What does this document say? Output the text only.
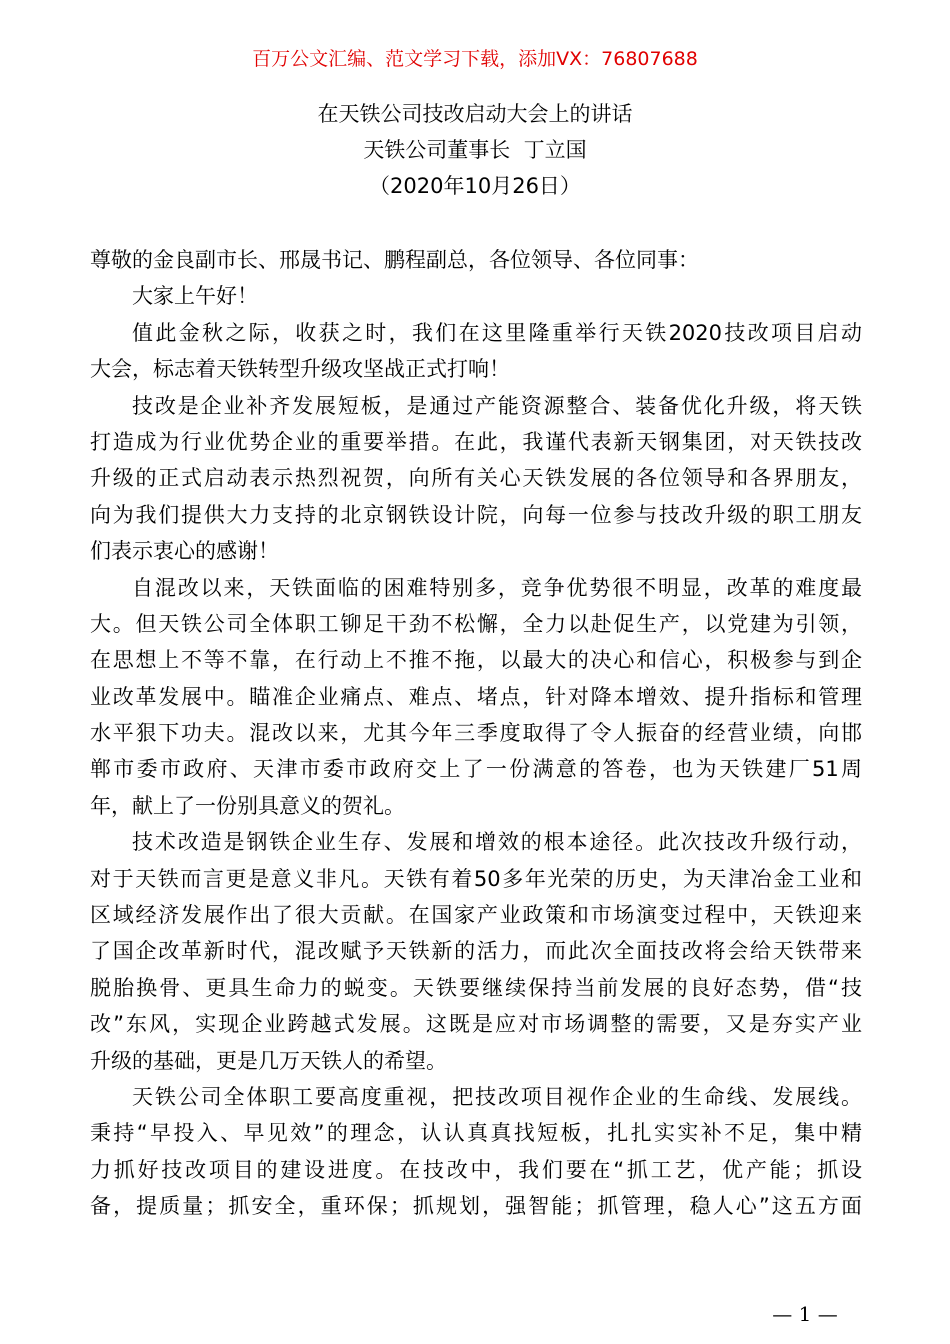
百万公文汇编、范文学习下载，添加VX：76807688
在天铁公司技改启动大会上的讲话
天铁公司董事长  丁立国
（2020年10月26日）
尊敬的金良副市长、邢晟书记、鹏程副总，各位领导、各位同事：
大家上午好！
值此金秋之际，收获之时，我们在这里隆重举行天铁2020技改项目启动
大会，标志着天铁转型升级攻坚战正式打响！
技改是企业补齐发展短板，是通过产能资源整合、装备优化升级，将天铁
打造成为行业优势企业的重要举措。在此，我谨代表新天钢集团，对天铁技改
升级的正式启动表示热烈祝贺，向所有关心天铁发展的各位领导和各界朋友，
向为我们提供大力支持的北京钢铁设计院，向每一位参与技改升级的职工朋友
们表示衷心的感谢！
自混改以来，天铁面临的困难特别多，竞争优势很不明显，改革的难度最
大。但天铁公司全体职工铆足干劲不松懈，全力以赴促生产，以党建为引领，
在思想上不等不靠，在行动上不推不拖，以最大的决心和信心，积极参与到企
业改革发展中。瞄准企业痛点、难点、堵点，针对降本增效、提升指标和管理
水平狠下功夫。混改以来，尤其今年三季度取得了令人振奋的经营业绩，向邯
郸市委市政府、天津市委市政府交上了一份满意的答卷，也为天铁建厂51周
年，献上了一份别具意义的贺礼。
技术改造是钢铁企业生存、发展和增效的根本途径。此次技改升级行动，
对于天铁而言更是意义非凡。天铁有着50多年光荣的历史，为天津冶金工业和
区域经济发展作出了很大贡献。在国家产业政策和市场演变过程中，天铁迎来
了国企改革新时代，混改赋予天铁新的活力，而此次全面技改将会给天铁带来
脱胎换骨、更具生命力的蜕变。天铁要继续保持当前发展的良好态势，借“技
改”东风，实现企业跨越式发展。这既是应对市场调整的需要，又是夯实产业
升级的基础，更是几万天铁人的希望。
天铁公司全体职工要高度重视，把技改项目视作企业的生命线、发展线。
秉持“早投入、早见效”的理念，认认真真找短板，扎扎实实补不足，集中精
力抓好技改项目的建设进度。在技改中，我们要在“抓工艺，优产能；抓设
备，提质量；抓安全，重环保；抓规划，强智能；抓管理，稳人心”这五方面
— 1 —
